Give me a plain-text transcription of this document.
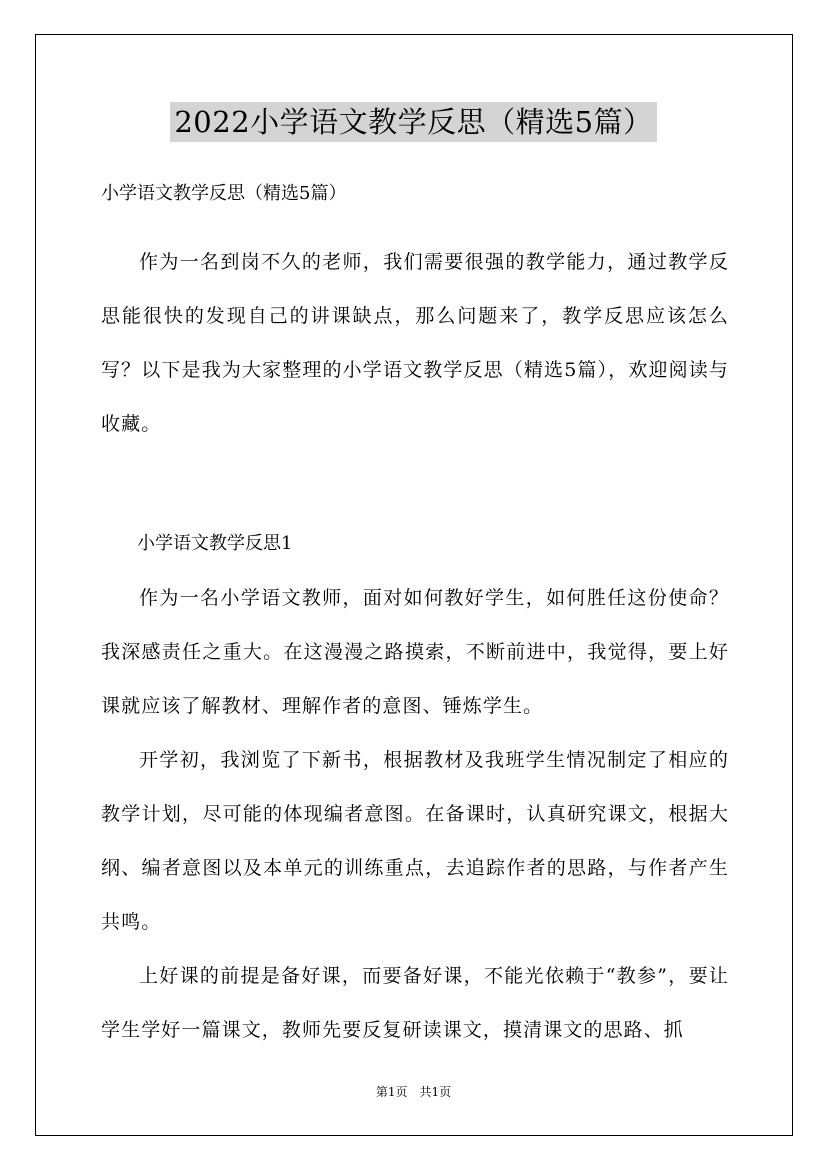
2022小学语文教学反思（精选5篇）

小学语文教学反思（精选5篇）

作为一名到岗不久的老师，我们需要很强的教学能力，通过教学反思能很快的发现自己的讲课缺点，那么问题来了，教学反思应该怎么写？以下是我为大家整理的小学语文教学反思（精选5篇），欢迎阅读与收藏。

小学语文教学反思1

作为一名小学语文教师，面对如何教好学生，如何胜任这份使命？我深感责任之重大。在这漫漫之路摸索，不断前进中，我觉得，要上好课就应该了解教材、理解作者的意图、锤炼学生。

开学初，我浏览了下新书，根据教材及我班学生情况制定了相应的教学计划，尽可能的体现编者意图。在备课时，认真研究课文，根据大纲、编者意图以及本单元的训练重点，去追踪作者的思路，与作者产生共鸣。

上好课的前提是备好课，而要备好课，不能光依赖于“教参”，要让学生学好一篇课文，教师先要反复研读课文，摸清课文的思路、抓

第1页　共1页
